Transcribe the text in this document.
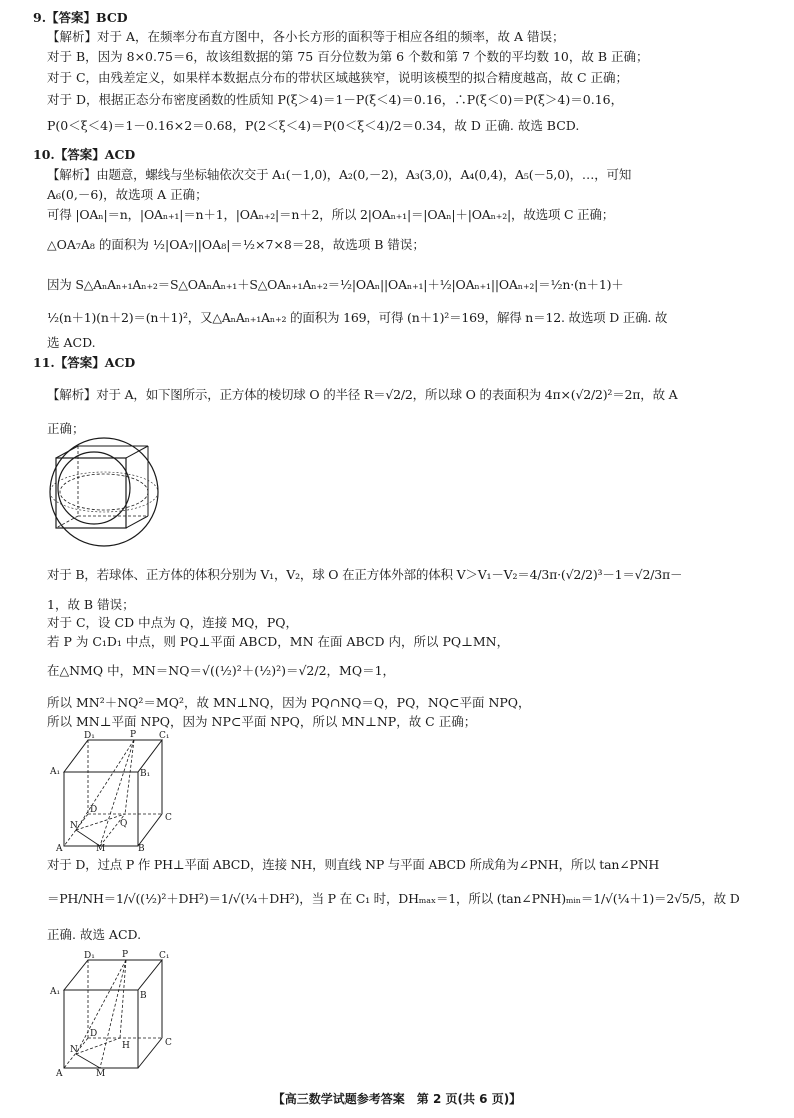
9.【答案】BCD
【解析】对于 A，在频率分布直方图中，各小长方形的面积等于相应各组的频率，故 A 错误；
对于 B，因为 8×0.75＝6，故该组数据的第 75 百分位数为第 6 个数和第 7 个数的平均数 10，故 B 正确；
对于 C，由残差定义，如果样本数据点分布的带状区域越狭窄，说明该模型的拟合精度越高，故 C 正确；
对于 D，根据正态分布密度函数的性质知 P(ξ＞4)＝1－P(ξ＜4)＝0.16，∴P(ξ＜0)＝P(ξ＞4)＝0.16，
P(0＜ξ＜4)＝1－0.16×2＝0.68，P(2＜ξ＜4)＝P(0＜ξ＜4)/2＝0.34，故 D 正确. 故选 BCD.
10.【答案】ACD
【解析】由题意，螺线与坐标轴依次交于 A₁(－1,0)，A₂(0,－2)，A₃(3,0)，A₄(0,4)，A₅(－5,0)，…，可知
A₆(0,－6)，故选项 A 正确；
可得 |OAₙ|＝n，|OAₙ₊₁|＝n＋1，|OAₙ₊₂|＝n＋2，所以 2|OAₙ₊₁|＝|OAₙ|＋|OAₙ₊₂|，故选项 C 正确；
△OA₇A₈ 的面积为 ½|OA₇||OA₈|＝½×7×8＝28，故选项 B 错误；
因为 S△AₙAₙ₊₁Aₙ₊₂＝S△OAₙAₙ₊₁＋S△OAₙ₊₁Aₙ₊₂＝½|OAₙ||OAₙ₊₁|＋½|OAₙ₊₁||OAₙ₊₂|＝½n·(n＋1)＋
½(n＋1)(n＋2)＝(n＋1)²，又△AₙAₙ₊₁Aₙ₊₂ 的面积为 169，可得 (n＋1)²＝169，解得 n＝12. 故选项 D 正确. 故
选 ACD.
11.【答案】ACD
【解析】对于 A，如下图所示，正方体的棱切球 O 的半径 R＝√2/2，所以球 O 的表面积为 4π×(√2/2)²＝2π，故 A
正确；
对于 B，若球体、正方体的体积分别为 V₁，V₂，球 O 在正方体外部的体积 V＞V₁－V₂＝4/3π·(√2/2)³－1＝√2/3π－
1，故 B 错误；
对于 C，设 CD 中点为 Q，连接 MQ，PQ，
若 P 为 C₁D₁ 中点，则 PQ⊥平面 ABCD，MN 在面 ABCD 内，所以 PQ⊥MN，
在△NMQ 中，MN＝NQ＝√((½)²＋(½)²)＝√2/2，MQ＝1，
所以 MN²＋NQ²＝MQ²，故 MN⊥NQ，因为 PQ∩NQ＝Q，PQ，NQ⊂平面 NPQ，
所以 MN⊥平面 NPQ，因为 NP⊂平面 NPQ，所以 MN⊥NP，故 C 正确；
D₁	P	C₁
A₁	B₁
D
Q
C
A	M	B
N
对于 D，过点 P 作 PH⊥平面 ABCD，连接 NH，则直线 NP 与平面 ABCD 所成角为∠PNH，所以 tan∠PNH
＝PH/NH＝1/√((½)²＋DH²)＝1/√(¼＋DH²)，当 P 在 C₁ 时，DHₘₐₓ＝1，所以 (tan∠PNH)ₘᵢₙ＝1/√(¼＋1)＝2√5/5，故 D
正确. 故选 ACD.
D₁	P	C₁
A₁	B
D
H	C
A	M
N
【高三数学试题参考答案　第 2 页(共 6 页)】
